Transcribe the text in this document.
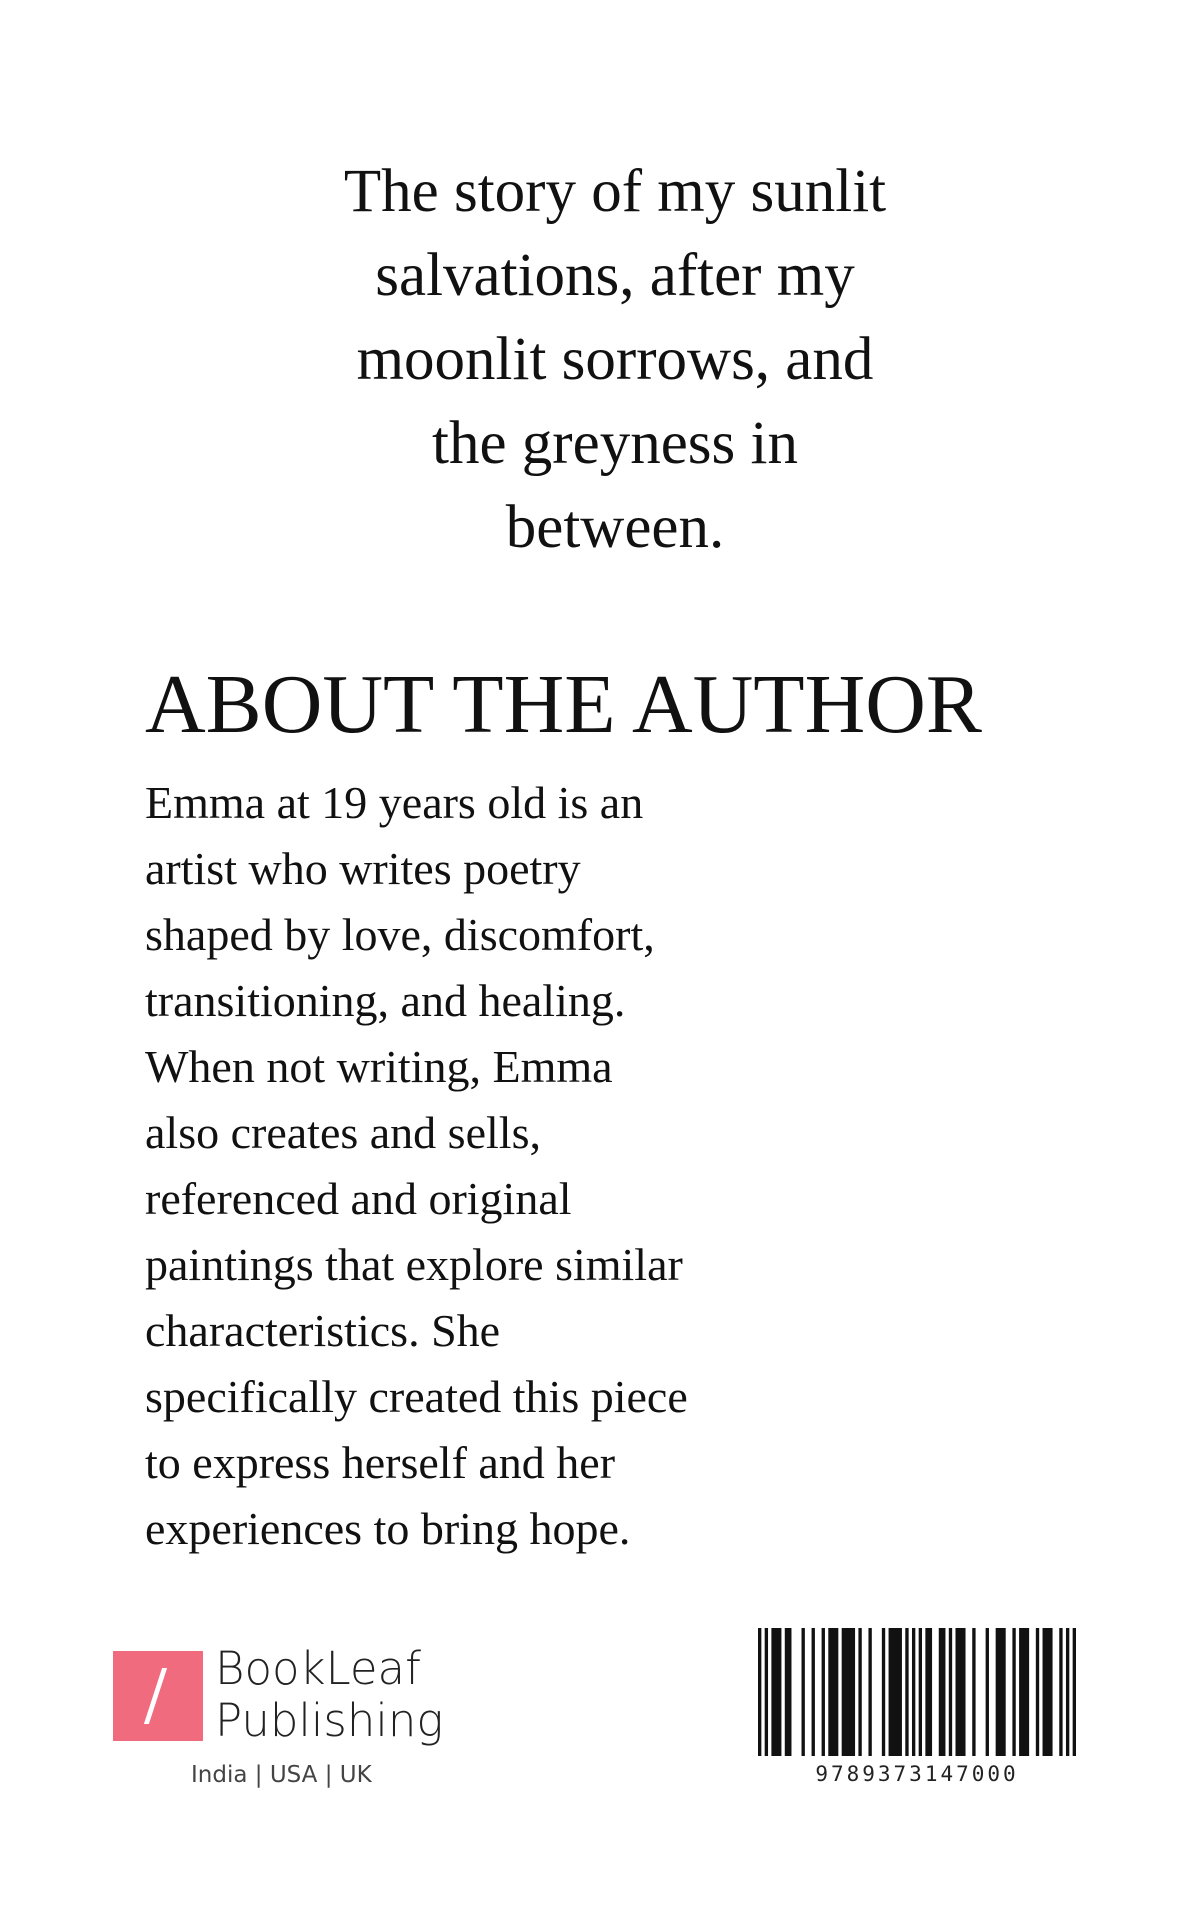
The story of my sunlit
salvations, after my
moonlit sorrows, and
the greyness in
between.
ABOUT THE AUTHOR
Emma at 19 years old is an
artist who writes poetry
shaped by love, discomfort,
transitioning, and healing.
When not writing, Emma
also creates and sells,
referenced and original
paintings that explore similar
characteristics. She
specifically created this piece
to express herself and her
experiences to bring hope.
BookLeaf
Publishing
India | USA | UK	9789373147000
